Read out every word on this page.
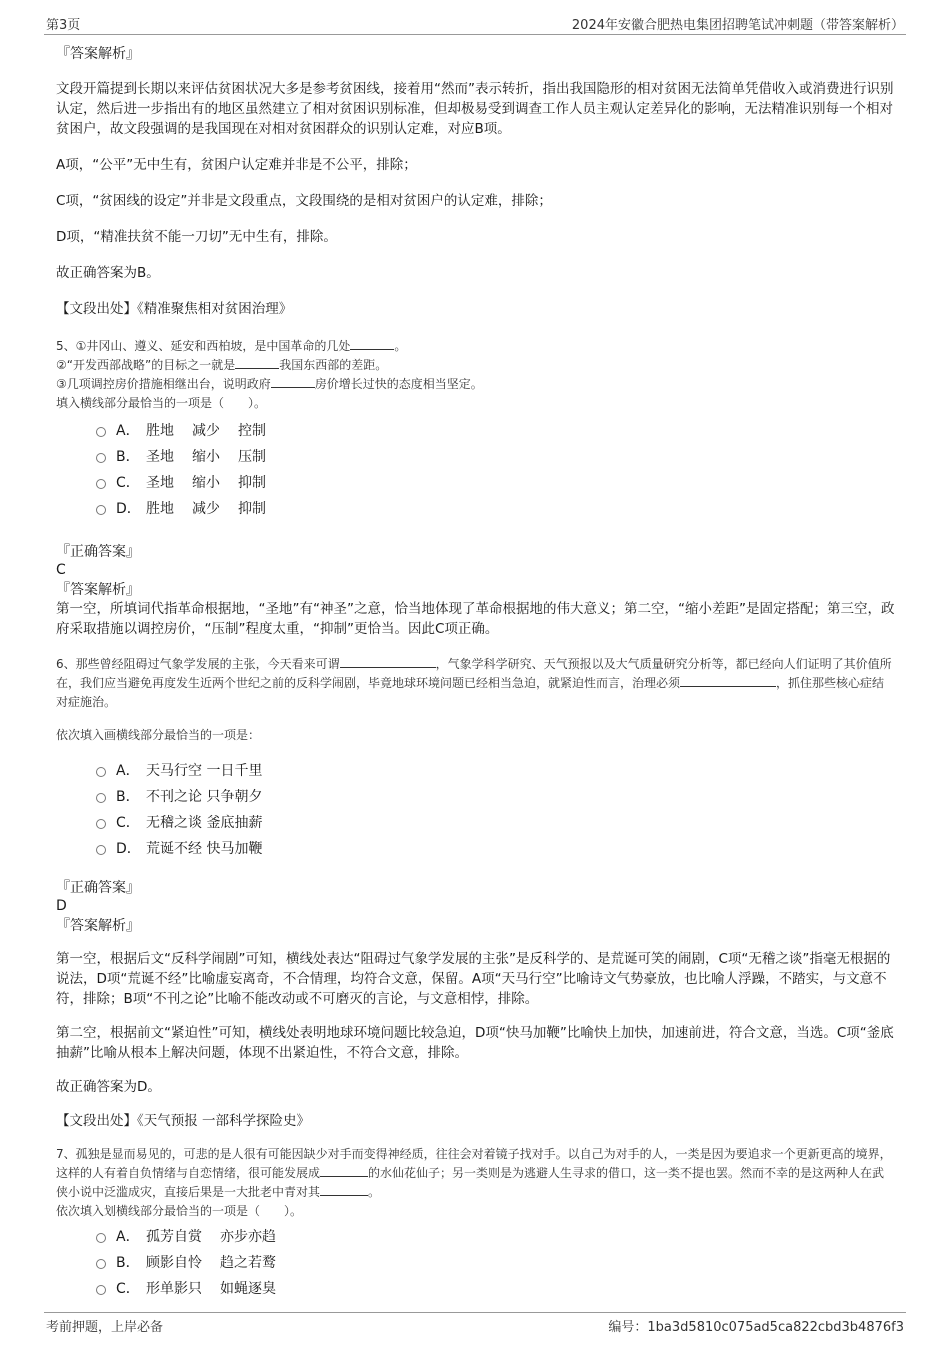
第3页	2024年安徽合肥热电集团招聘笔试冲刺题（带答案解析）

『答案解析』

文段开篇提到长期以来评估贫困状况大多是参考贫困线，接着用“然而”表示转折，指出我国隐形的相对贫困无法简单凭借收入或消费进行识别认定，然后进一步指出有的地区虽然建立了相对贫困识别标准，但却极易受到调查工作人员主观认定差异化的影响，无法精准识别每一个相对贫困户，故文段强调的是我国现在对相对贫困群众的识别认定难，对应B项。

A项，“公平”无中生有，贫困户认定难并非是不公平，排除；

C项，“贫困线的设定”并非是文段重点，文段围绕的是相对贫困户的认定难，排除；

D项，“精准扶贫不能一刀切”无中生有，排除。

故正确答案为B。

【文段出处】《精准聚焦相对贫困治理》

5、①井冈山、遵义、延安和西柏坡，是中国革命的几处	。

②“开发西部战略”的目标之一就是	我国东西部的差距。

③几项调控房价措施相继出台，说明政府	房价增长过快的态度相当坚定。

填入横线部分最恰当的一项是（　　）。

A． 胜地 减少 控制
B． 圣地 缩小 压制
C． 圣地 缩小 抑制
D． 胜地 减少 抑制

『正确答案』

C

『答案解析』

第一空，所填词代指革命根据地，“圣地”有“神圣”之意，恰当地体现了革命根据地的伟大意义；第二空，“缩小差距”是固定搭配；第三空，政府采取措施以调控房价，“压制”程度太重，“抑制”更恰当。因此C项正确。

6、那些曾经阻碍过气象学发展的主张，今天看来可谓	，气象学科学研究、天气预报以及大气质量研究分析等，都已经向人们证明了其价值所在，我们应当避免再度发生近两个世纪之前的反科学闹剧，毕竟地球环境问题已经相当急迫，就紧迫性而言，治理必须	，抓住那些核心症结对症施治。

依次填入画横线部分最恰当的一项是：

A． 天马行空 一日千里
B． 不刊之论 只争朝夕
C． 无稽之谈 釜底抽薪
D． 荒诞不经 快马加鞭

『正确答案』

D

『答案解析』

第一空，根据后文“反科学闹剧”可知，横线处表达“阻碍过气象学发展的主张”是反科学的、是荒诞可笑的闹剧，C项“无稽之谈”指毫无根据的说法，D项“荒诞不经”比喻虚妄离奇，不合情理，均符合文意，保留。A项“天马行空”比喻诗文气势豪放，也比喻人浮躁，不踏实，与文意不符，排除；B项“不刊之论”比喻不能改动或不可磨灭的言论，与文意相悖，排除。

第二空，根据前文“紧迫性”可知，横线处表明地球环境问题比较急迫，D项“快马加鞭”比喻快上加快，加速前进，符合文意，当选。C项“釜底抽薪”比喻从根本上解决问题，体现不出紧迫性，不符合文意，排除。

故正确答案为D。

【文段出处】《天气预报 一部科学探险史》

7、孤独是显而易见的，可悲的是人很有可能因缺少对手而变得神经质，往往会对着镜子找对手。以自己为对手的人，一类是因为要追求一个更新更高的境界，这样的人有着自负情绪与自恋情绪，很可能发展成	的水仙花仙子；另一类则是为逃避人生寻求的借口，这一类不提也罢。然而不幸的是这两种人在武侠小说中泛滥成灾，直接后果是一大批老中青对其	。

依次填入划横线部分最恰当的一项是（　　）。

A． 孤芳自赏 亦步亦趋
B． 顾影自怜 趋之若鹜
C． 形单影只 如蝇逐臭
考前押题，上岸必备	编号：1ba3d5810c075ad5ca822cbd3b4876f3
